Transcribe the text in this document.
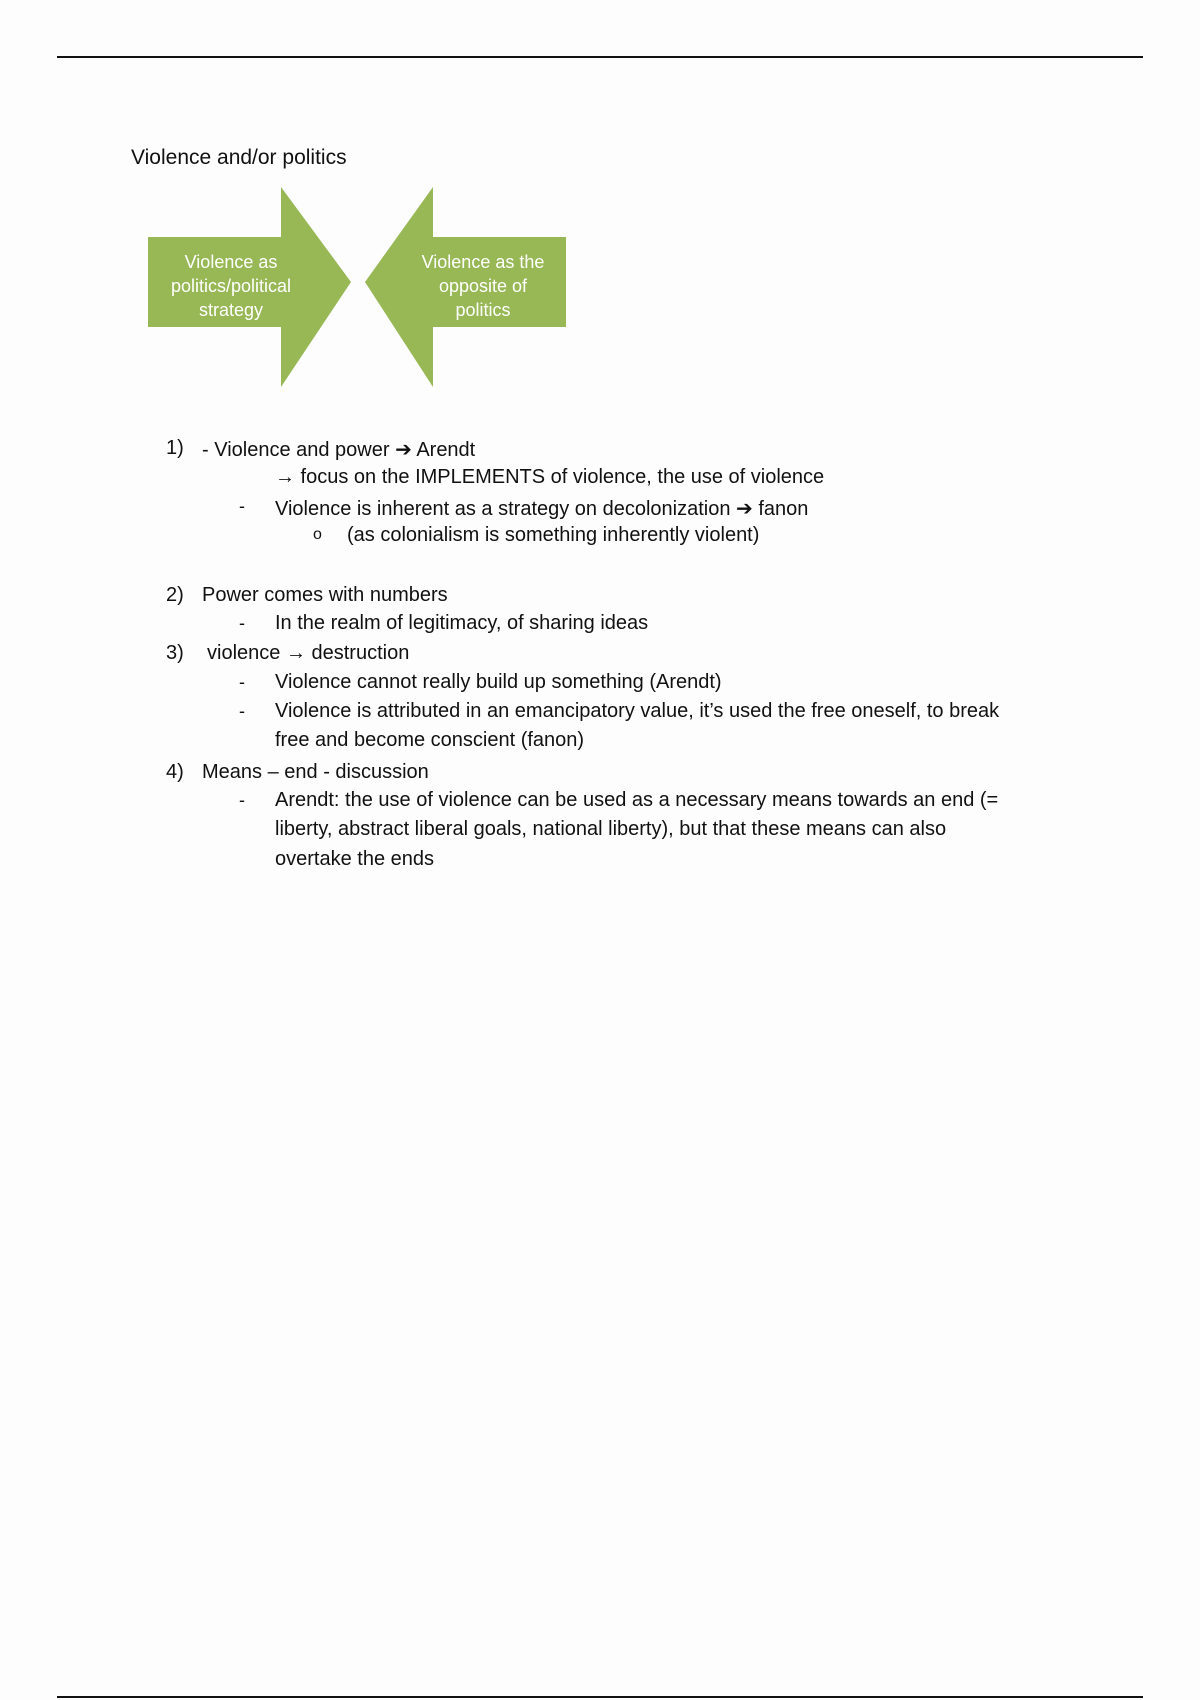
Violence and/or politics
Violence as
politics/political
strategy
Violence as the
opposite of
politics
1) - Violence and power ➔ Arendt
→ focus on the IMPLEMENTS of violence, the use of violence
- Violence is inherent as a strategy on decolonization ➔ fanon
o (as colonialism is something inherently violent)
2) Power comes with numbers
- In the realm of legitimacy, of sharing ideas
3) violence → destruction
- Violence cannot really build up something (Arendt)
- Violence is attributed in an emancipatory value, it’s used the free oneself, to break
free and become conscient (fanon)
4) Means – end - discussion
- Arendt: the use of violence can be used as a necessary means towards an end (=
liberty, abstract liberal goals, national liberty), but that these means can also
overtake the ends
